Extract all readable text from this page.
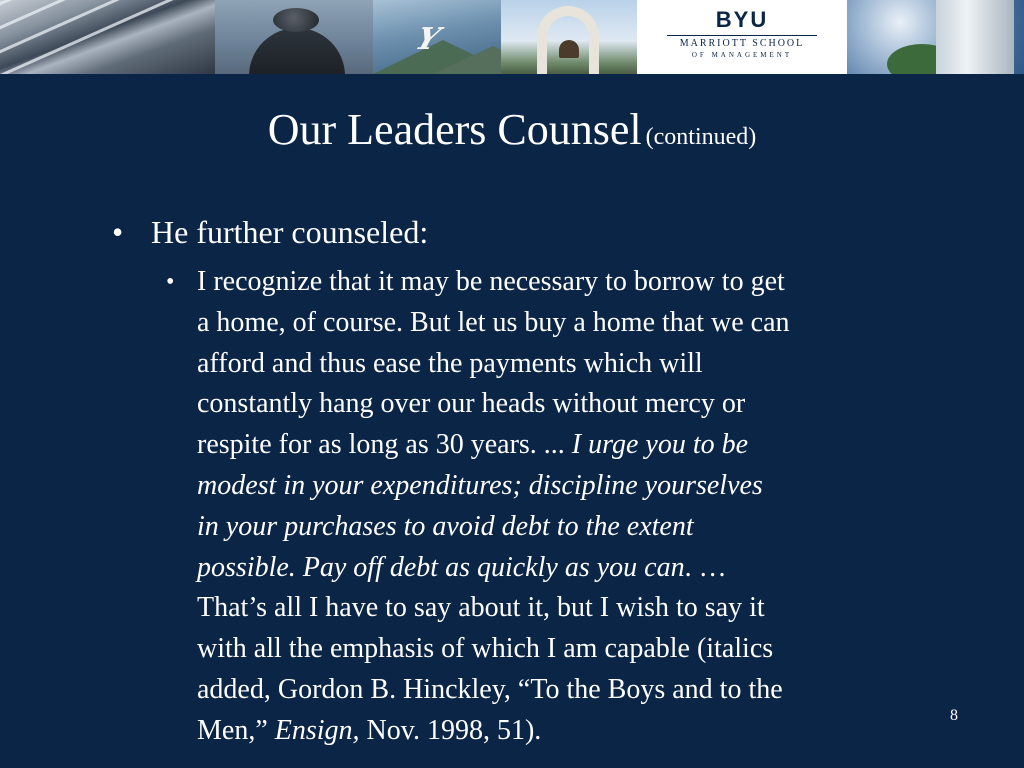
Y
BYU
MARRIOTT SCHOOL
OF MANAGEMENT
Our Leaders Counsel (continued)
• He further counseled:
• I recognize that it may be necessary to borrow to get
a home, of course. But let us buy a home that we can
afford and thus ease the payments which will
constantly hang over our heads without mercy or
respite for as long as 30 years. ... I urge you to be
modest in your expenditures; discipline yourselves
in your purchases to avoid debt to the extent
possible. Pay off debt as quickly as you can. …
That’s all I have to say about it, but I wish to say it
with all the emphasis of which I am capable (italics
added, Gordon B. Hinckley, “To the Boys and to the
Men,” Ensign, Nov. 1998, 51).	8
